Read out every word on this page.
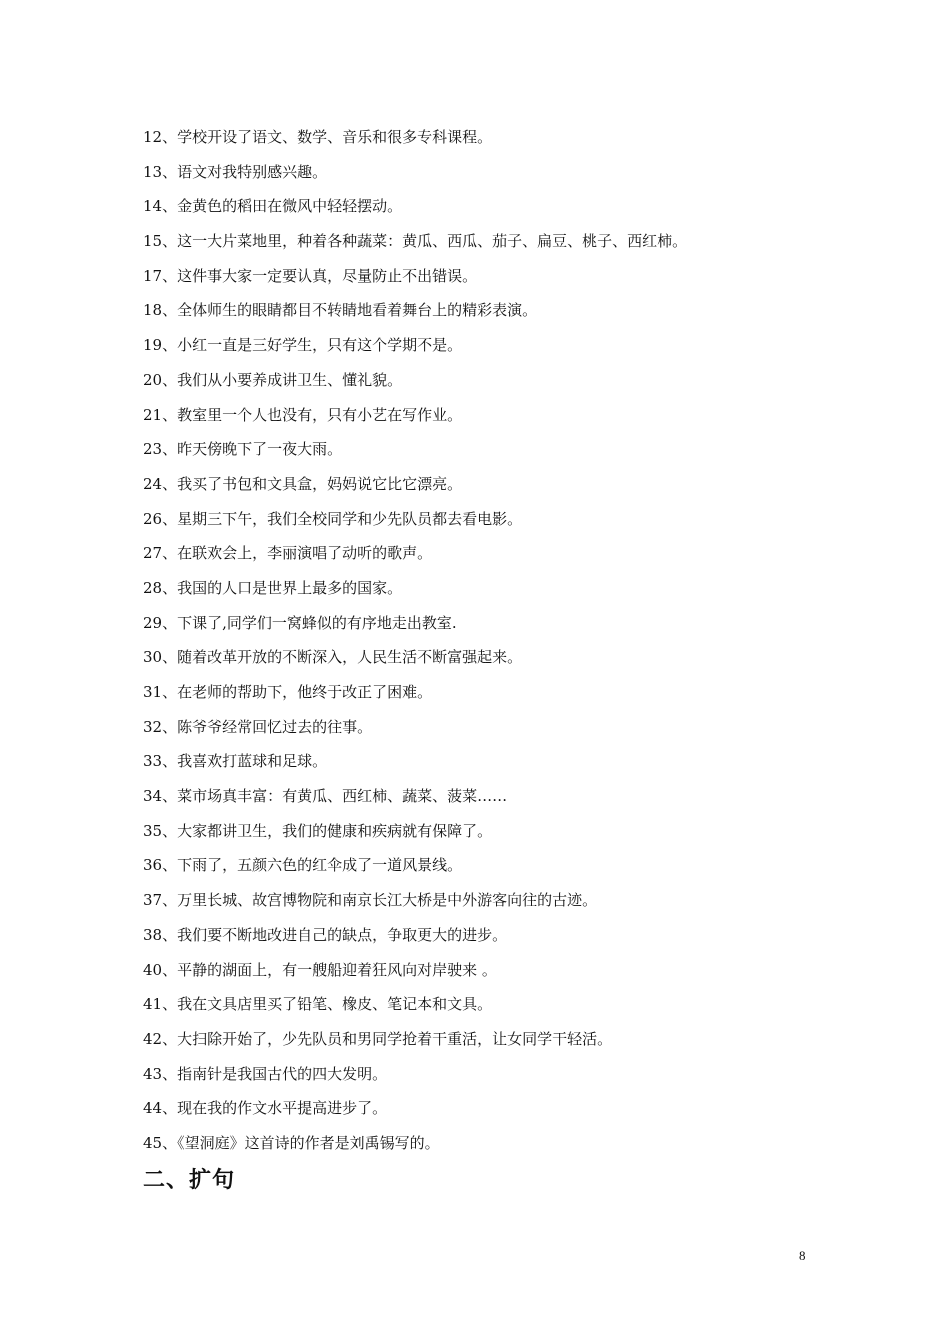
12、学校开设了语文、数学、音乐和很多专科课程。
13、语文对我特别感兴趣。
14、金黄色的稻田在微风中轻轻摆动。
15、这一大片菜地里，种着各种蔬菜：黄瓜、西瓜、茄子、扁豆、桃子、西红柿。
17、这件事大家一定要认真，尽量防止不出错误。
18、全体师生的眼睛都目不转睛地看着舞台上的精彩表演。
19、小红一直是三好学生，只有这个学期不是。
20、我们从小要养成讲卫生、懂礼貌。
21、教室里一个人也没有，只有小艺在写作业。
23、昨天傍晚下了一夜大雨。
24、我买了书包和文具盒，妈妈说它比它漂亮。
26、星期三下午，我们全校同学和少先队员都去看电影。
27、在联欢会上，李丽演唱了动听的歌声。
28、我国的人口是世界上最多的国家。
29、下课了,同学们一窝蜂似的有序地走出教室.
30、随着改革开放的不断深入，人民生活不断富强起来。
31、在老师的帮助下，他终于改正了困难。
32、陈爷爷经常回忆过去的往事。
33、我喜欢打蓝球和足球。
34、菜市场真丰富：有黄瓜、西红柿、蔬菜、菠菜……
35、大家都讲卫生，我们的健康和疾病就有保障了。
36、下雨了，五颜六色的红伞成了一道风景线。
37、万里长城、故宫博物院和南京长江大桥是中外游客向往的古迹。
38、我们要不断地改进自己的缺点，争取更大的进步。
40、平静的湖面上，有一艘船迎着狂风向对岸驶来 。
41、我在文具店里买了铅笔、橡皮、笔记本和文具。
42、大扫除开始了，少先队员和男同学抢着干重活，让女同学干轻活。
43、指南针是我国古代的四大发明。
44、现在我的作文水平提高进步了。
45、《望洞庭》这首诗的作者是刘禹锡写的。
二、扩句
8
